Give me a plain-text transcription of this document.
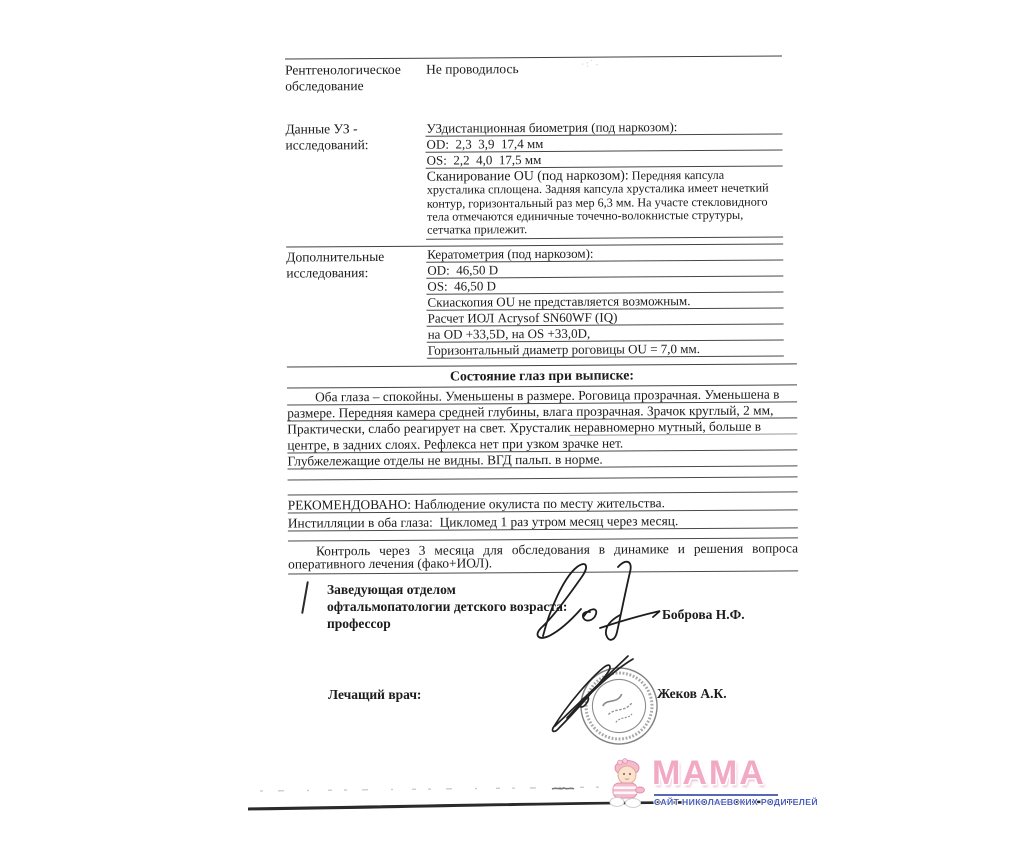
Рентгенологическое
обследование
Не проводилось
Данные УЗ -
исследований:
УЗдистанционная биометрия (под наркозом):
OD:  2,3  3,9  17,4 мм
OS:  2,2  4,0  17,5 мм
Сканирование OU (под наркозом): Передняя капсула хрусталика сплощена. Задняя капсула хрусталика имеет нечеткий контур, горизонтальный раз мер 6,3 мм. На участе стекловидного тела отмечаются единичные точечно-волокнистые струтуры, сетчатка прилежит.
Дополнительные
исследования:
Кератометрия (под наркозом):
OD:  46,50 D
OS:  46,50 D
Скиаскопия OU не представляется возможным.
Расчет ИОЛ Acrysof SN60WF (IQ)
на OD +33,5D, на OS +33,0D,
Горизонтальный диаметр роговицы OU = 7,0 мм.
Состояние глаз при выписке:
Оба глаза – спокойны. Уменьшены в размере. Роговица прозрачная. Уменьшена в
размере. Передняя камера средней глубины, влага прозрачная. Зрачок круглый, 2 мм,
Практически, слабо реагирует на свет. Хрусталик неравномерно мутный, больше в
центре, в задних слоях. Рефлекса нет при узком зрачке нет.
Глубжележащие отделы не видны. ВГД пальп. в норме.
РЕКОМЕНДОВАНО: Наблюдение окулиста по месту жительства.
Инстилляции в оба глаза:  Цикломед 1 раз утром месяц через месяц.
Контроль через 3 месяца для обследования в динамике и решения вопроса
оперативного лечения (фако+ИОЛ).
·:˙.
Заведующая отделом
офтальмопатологии детского возраста:
профессор
Боброва Н.Ф.
Лечащий врач:	Жеков А.К.
МАМА
САЙТ НИКОЛАЕВСКИХ РОДИТЕЛЕЙ
